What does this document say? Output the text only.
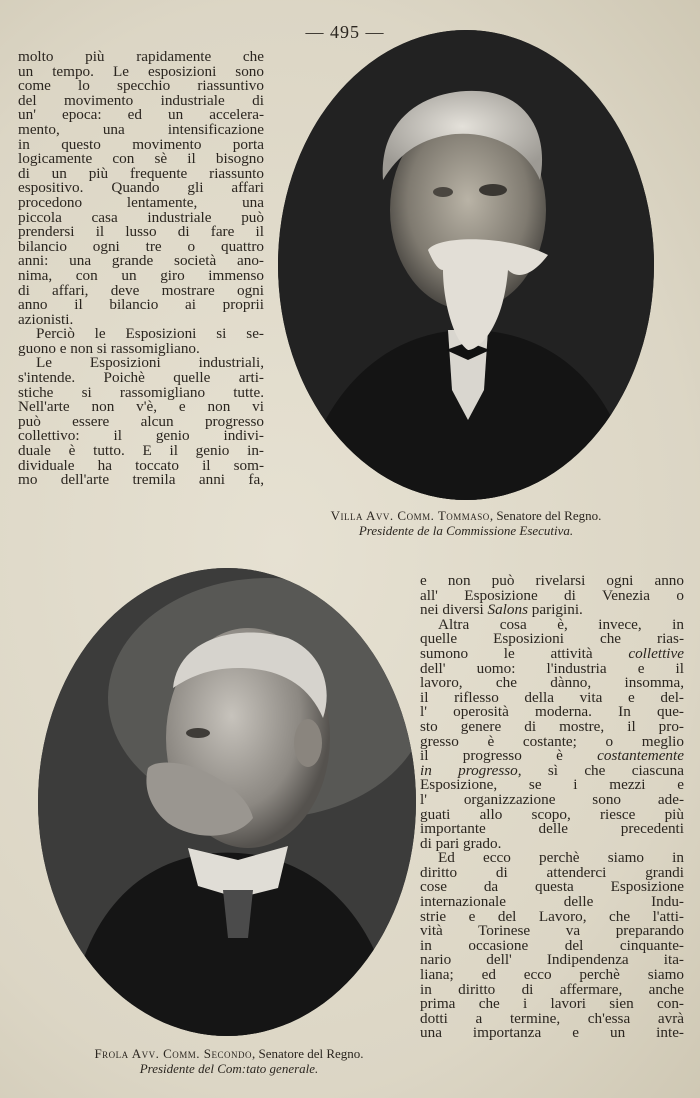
— 495 —
Villa Avv. Comm. Tommaso, Senatore del Regno.
Presidente de la Commissione Esecutiva.
Frola Avv. Comm. Secondo, Senatore del Regno.
Presidente del Com:tato generale.

molto più rapidamente che
un tempo. Le esposizioni sono
come lo specchio riassuntivo
del movimento industriale di
un' epoca: ed un accelera-
mento, una intensificazione
in questo movimento porta
logicamente con sè il bisogno
di un più frequente riassunto
espositivo. Quando gli affari
procedono lentamente, una
piccola casa industriale può
prendersi il lusso di fare il
bilancio ogni tre o quattro
anni: una grande società ano-
nima, con un giro immenso
di affari, deve mostrare ogni
anno il bilancio ai proprii
azionisti.

Perciò le Esposizioni si se-
guono e non si rassomigliano.

Le Esposizioni industriali,
s'intende. Poichè quelle arti-
stiche si rassomigliano tutte.
Nell'arte non v'è, e non vi
può essere alcun progresso
collettivo: il genio indivi-
duale è tutto. E il genio in-
dividuale ha toccato il som-
mo dell'arte tremila anni fa,

e non può rivelarsi ogni anno
all' Esposizione di Venezia o
nei diversi Salons parigini.

Altra cosa è, invece, in
quelle Esposizioni che rias-
sumono le attività collettive
dell' uomo: l'industria e il
lavoro, che dànno, insomma,
il riflesso della vita e del-
l' operosità moderna. In que-
sto genere di mostre, il pro-
gresso è costante; o meglio
il progresso è costantemente
in progresso, sì che ciascuna
Esposizione, se i mezzi e
l' organizzazione sono ade-
guati allo scopo, riesce più
importante delle precedenti
di pari grado.

Ed ecco perchè siamo in
diritto di attenderci grandi
cose da questa Esposizione
internazionale delle Indu-
strie e del Lavoro, che l'atti-
vità Torinese va preparando
in occasione del cinquante-
nario dell' Indipendenza ita-
liana; ed ecco perchè siamo
in diritto di affermare, anche
prima che i lavori sien con-
dotti a termine, ch'essa avrà
una importanza e un inte-
